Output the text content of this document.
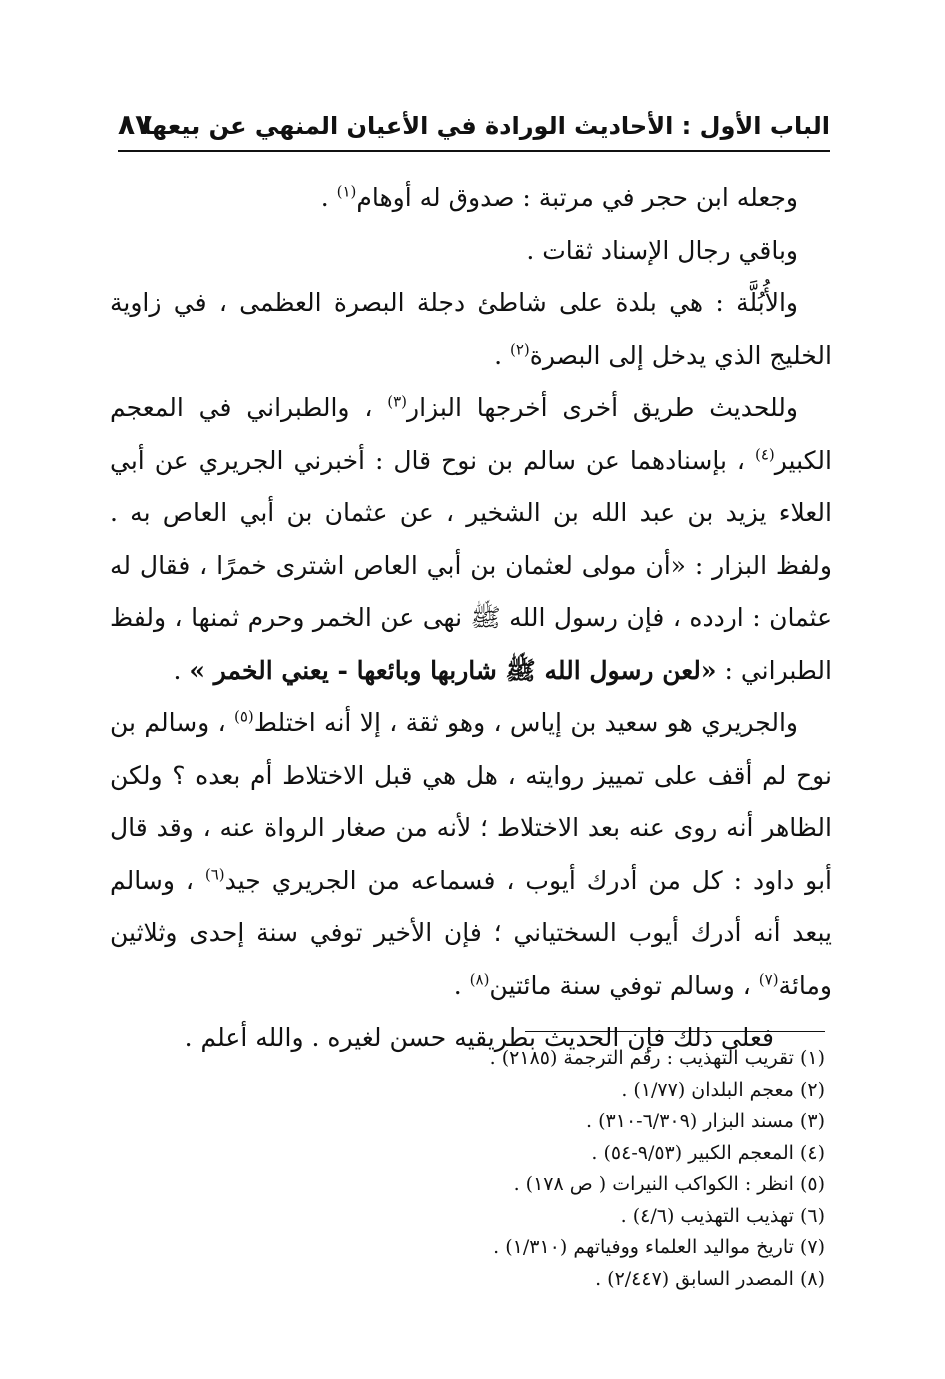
الباب الأول : الأحاديث الورادة في الأعيان المنهي عن بيعها
٨٧

وجعله ابن حجر في مرتبة : صدوق له أوهام$^{(١)}$ .

وباقي رجال الإسناد ثقات .

والأُبُلَّة : هي بلدة على شاطئ دجلة البصرة العظمى ، في زاوية الخليج الذي يدخل إلى البصرة$^{(٢)}$ .

وللحديث طريق أخرى أخرجها البزار$^{(٣)}$ ، والطبراني في المعجم الكبير$^{(٤)}$ ، بإسنادهما عن سالم بن نوح قال : أخبرني الجريري عن أبي العلاء يزيد بن عبد الله بن الشخير ، عن عثمان بن أبي العاص به . ولفظ البزار : «أن مولى لعثمان بن أبي العاص اشترى خمرًا ، فقال له عثمان : اردده ، فإن رسول الله ﷺ نهى عن الخمر وحرم ثمنها ، ولفظ الطبراني : «لعن رسول الله ﷺ شاربها وبائعها - يعني الخمر » .

والجريري هو سعيد بن إياس ، وهو ثقة ، إلا أنه اختلط$^{(٥)}$ ، وسالم بن نوح لم أقف على تمييز روايته ، هل هي قبل الاختلاط أم بعده ؟ ولكن الظاهر أنه روى عنه بعد الاختلاط ؛ لأنه من صغار الرواة عنه ، وقد قال أبو داود : كل من أدرك أيوب ، فسماعه من الجريري جيد$^{(٦)}$ ، وسالم يبعد أنه أدرك أيوب السختياني ؛ فإن الأخير توفي سنة إحدى وثلاثين ومائة$^{(٧)}$ ، وسالم توفي سنة مائتين$^{(٨)}$ .

فعلى ذلك فإن الحديث بطريقيه حسن لغيره . والله أعلم .

(١) تقريب التهذيب : رقم الترجمة (٢١٨٥) .
(٢) معجم البلدان (١/٧٧) .
(٣) مسند البزار (٦/٣٠٩-٣١٠) .
(٤) المعجم الكبير (٩/٥٣-٥٤) .
(٥) انظر : الكواكب النيرات ( ص ١٧٨) .
(٦) تهذيب التهذيب (٤/٦) .
(٧) تاريخ مواليد العلماء ووفياتهم (١/٣١٠) .
(٨) المصدر السابق (٢/٤٤٧) .
